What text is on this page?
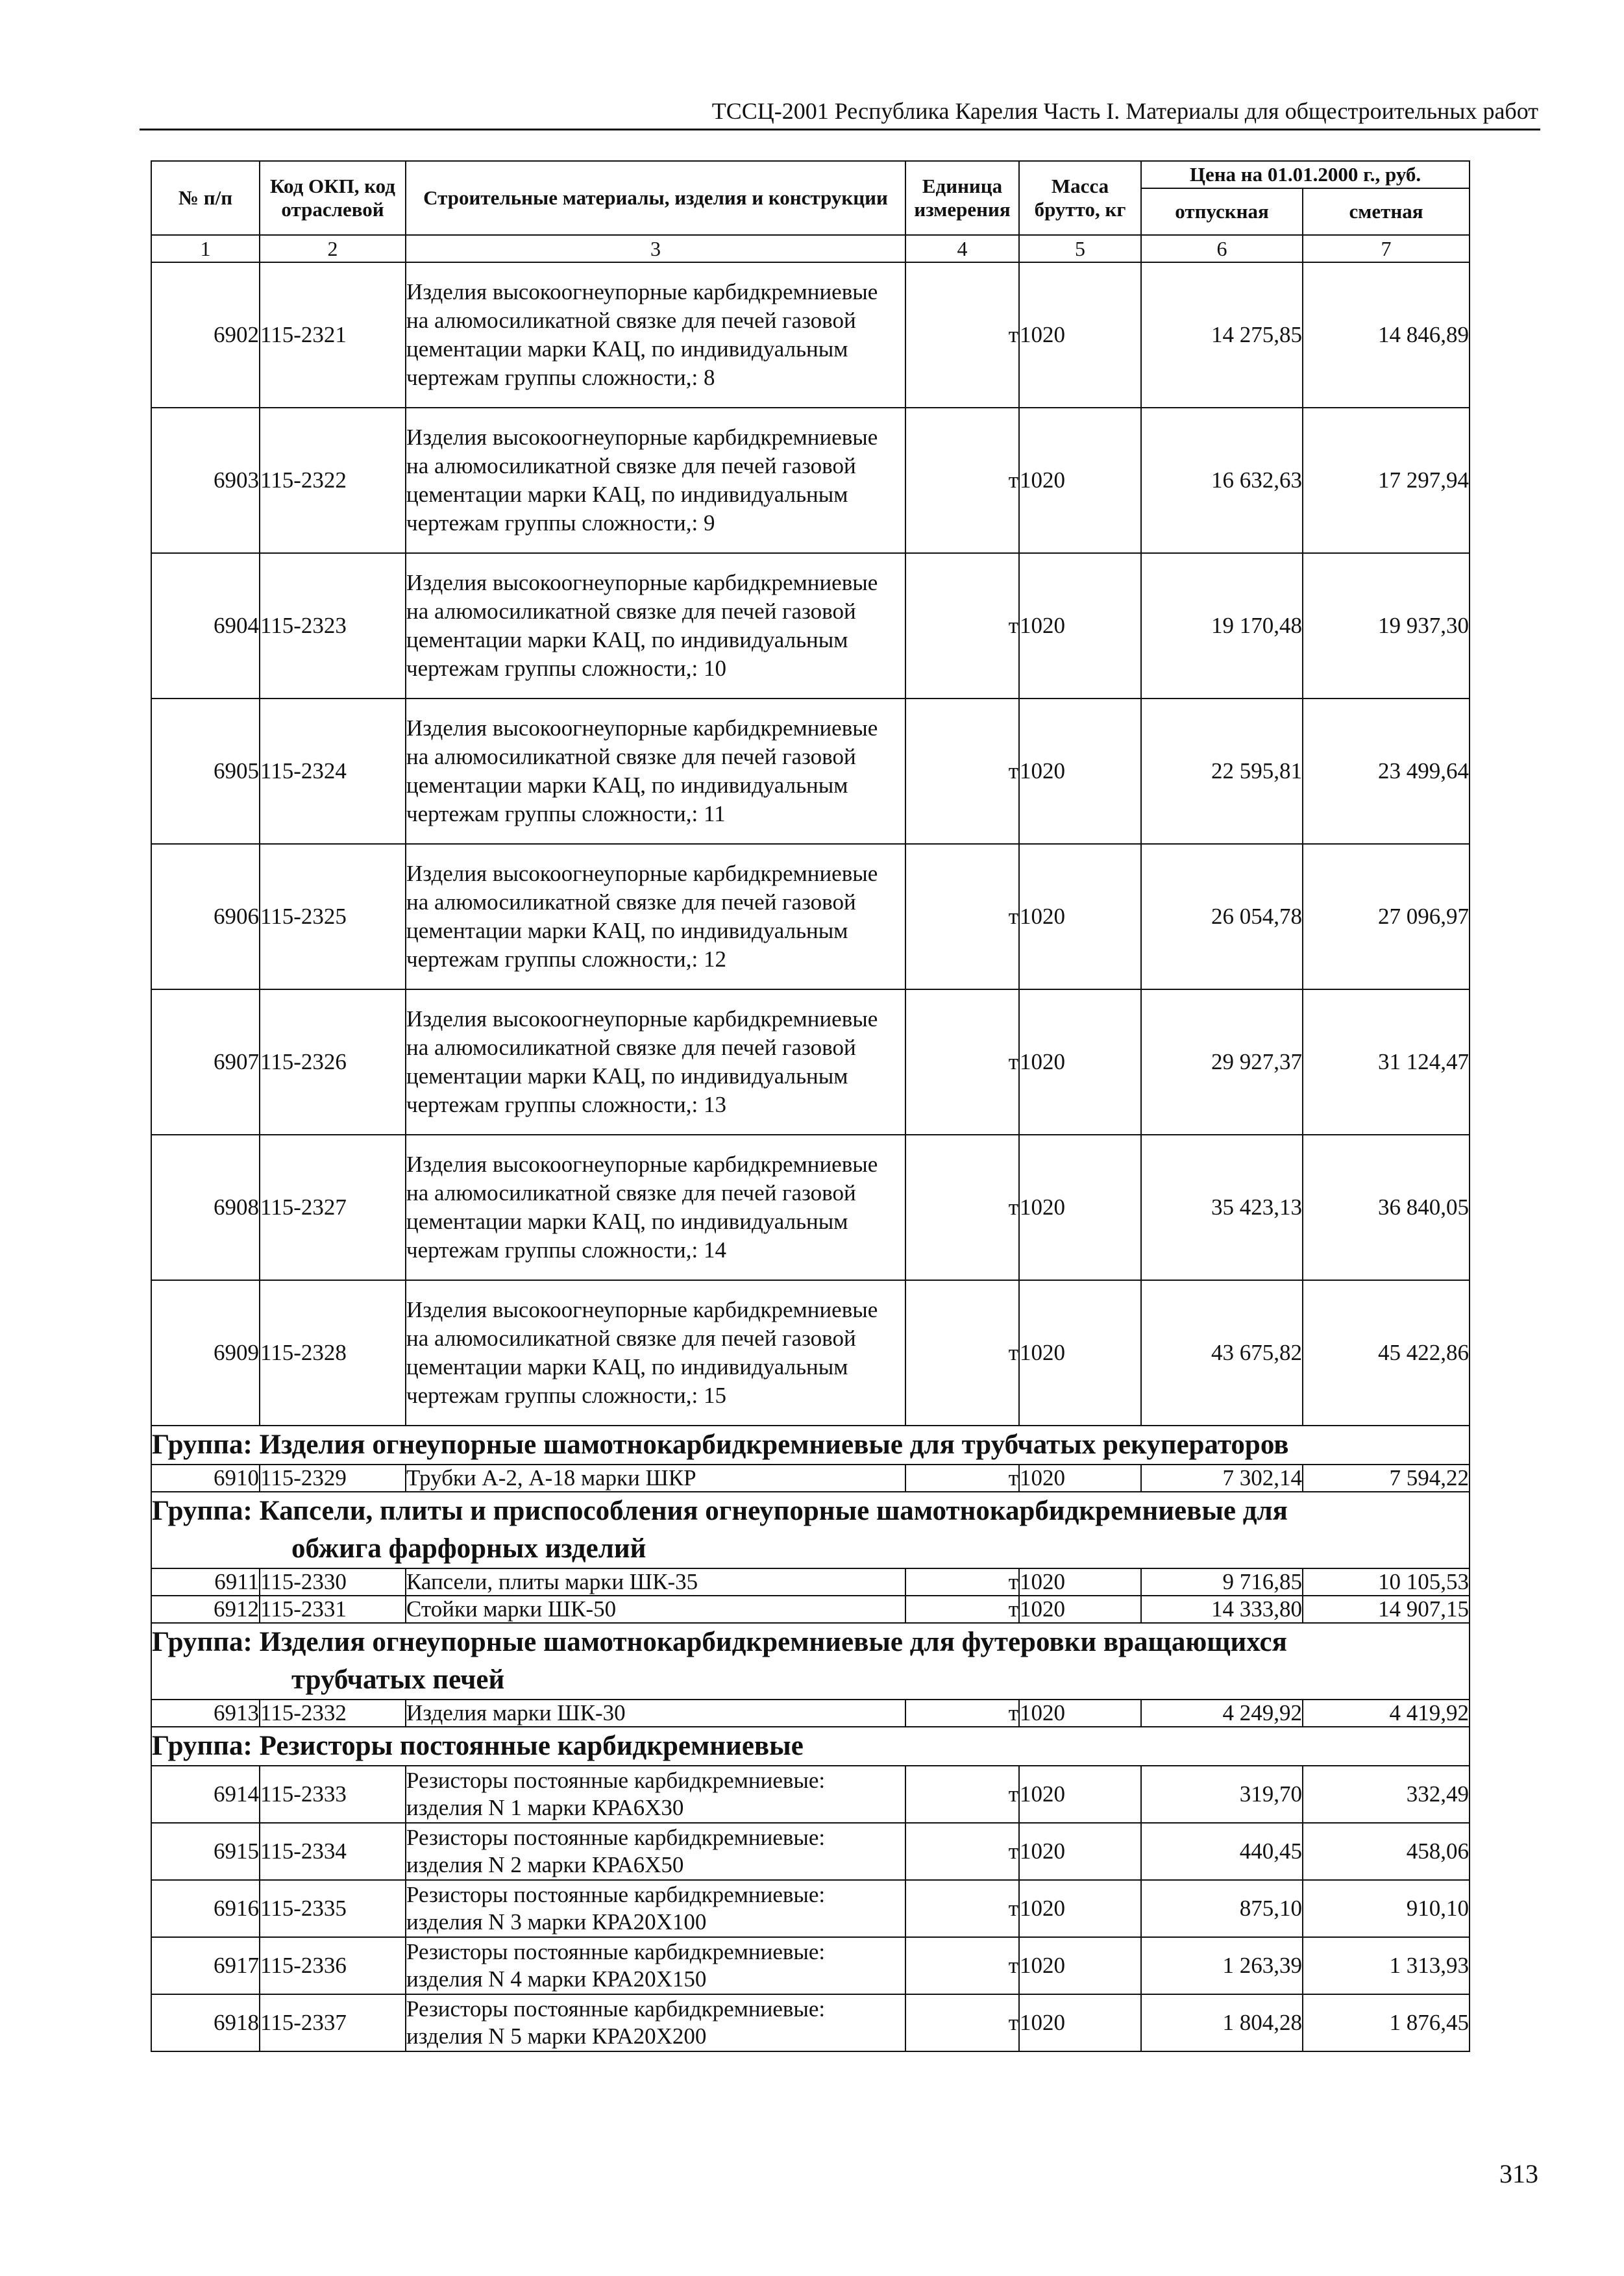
ТССЦ-2001 Республика Карелия Часть I. Материалы для общестроительных работ
№ п/п	Код ОКП, код отраслевой	Строительные материалы, изделия и конструкции	Единица измерения	Масса брутто, кг	Цена на 01.01.2000 г., руб.	
					отпускная	сметная
1	2	3	4	5	6	7
6902	115-2321	Изделия высокоогнеупорные карбидкремниевые на алюмосиликатной связке для печей газовой цементации марки КАЦ, по индивидуальным чертежам группы сложности,: 8	т	1020	14 275,85	14 846,89
6903	115-2322	Изделия высокоогнеупорные карбидкремниевые на алюмосиликатной связке для печей газовой цементации марки КАЦ, по индивидуальным чертежам группы сложности,: 9	т	1020	16 632,63	17 297,94
6904	115-2323	Изделия высокоогнеупорные карбидкремниевые на алюмосиликатной связке для печей газовой цементации марки КАЦ, по индивидуальным чертежам группы сложности,: 10	т	1020	19 170,48	19 937,30
6905	115-2324	Изделия высокоогнеупорные карбидкремниевые на алюмосиликатной связке для печей газовой цементации марки КАЦ, по индивидуальным чертежам группы сложности,: 11	т	1020	22 595,81	23 499,64
6906	115-2325	Изделия высокоогнеупорные карбидкремниевые на алюмосиликатной связке для печей газовой цементации марки КАЦ, по индивидуальным чертежам группы сложности,: 12	т	1020	26 054,78	27 096,97
6907	115-2326	Изделия высокоогнеупорные карбидкремниевые на алюмосиликатной связке для печей газовой цементации марки КАЦ, по индивидуальным чертежам группы сложности,: 13	т	1020	29 927,37	31 124,47
6908	115-2327	Изделия высокоогнеупорные карбидкремниевые на алюмосиликатной связке для печей газовой цементации марки КАЦ, по индивидуальным чертежам группы сложности,: 14	т	1020	35 423,13	36 840,05
6909	115-2328	Изделия высокоогнеупорные карбидкремниевые на алюмосиликатной связке для печей газовой цементации марки КАЦ, по индивидуальным чертежам группы сложности,: 15	т	1020	43 675,82	45 422,86

Группа: Изделия огнеупорные шамотнокарбидкремниевые для трубчатых рекуператоров						

6910	115-2329	Трубки А-2, А-18 марки ШКР	т	1020	7 302,14	7 594,22

Группа: Капсели, плиты и приспособления огнеупорные шамотнокарбидкремниевые для
обжига фарфорных изделий						

6911	115-2330	Капсели, плиты марки ШК-35	т	1020	9 716,85	10 105,53
6912	115-2331	Стойки марки ШК-50	т	1020	14 333,80	14 907,15

Группа: Изделия огнеупорные шамотнокарбидкремниевые для футеровки вращающихся
трубчатых печей						

6913	115-2332	Изделия марки ШК-30	т	1020	4 249,92	4 419,92

Группа: Резисторы постоянные карбидкремниевые						

6914	115-2333	Резисторы постоянные карбидкремниевые: изделия N 1 марки КРА6X30	т	1020	319,70	332,49
6915	115-2334	Резисторы постоянные карбидкремниевые: изделия N 2 марки КРА6X50	т	1020	440,45	458,06
6916	115-2335	Резисторы постоянные карбидкремниевые: изделия N 3 марки КРА20X100	т	1020	875,10	910,10
6917	115-2336	Резисторы постоянные карбидкремниевые: изделия N 4 марки КРА20X150	т	1020	1 263,39	1 313,93
6918	115-2337	Резисторы постоянные карбидкремниевые: изделия N 5 марки КРА20X200	т	1020	1 804,28	1 876,45
313
